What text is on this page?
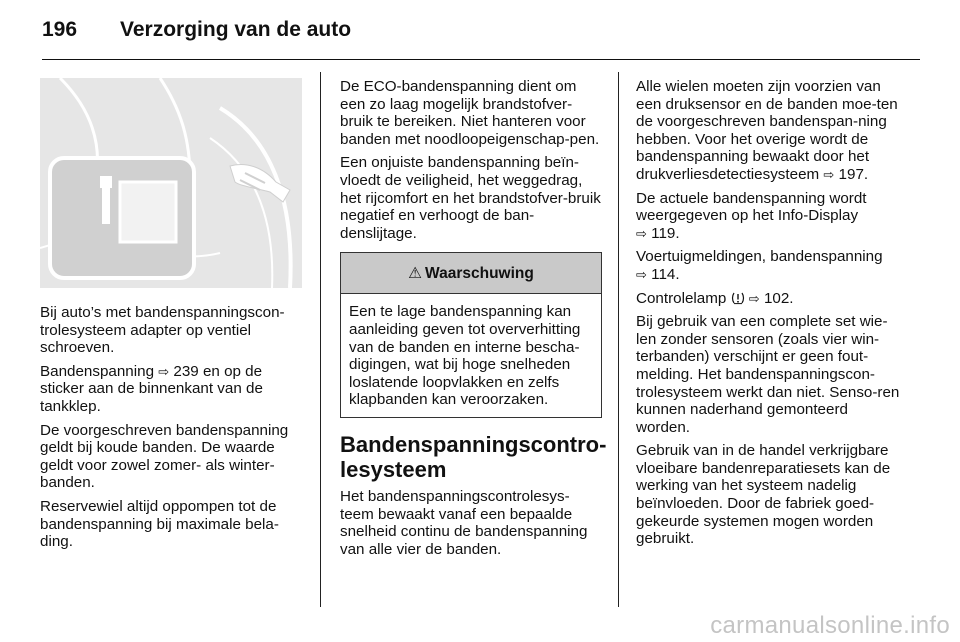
196 Verzorging van de auto

Bij auto’s met bandenspanningscon-trolesysteem adapter op ventiel schroeven.

Bandenspanning ⇨ 239 en op de sticker aan de binnenkant van de tankklep.

De voorgeschreven bandenspanning geldt bij koude banden. De waarde geldt voor zowel zomer- als winter-banden.

Reservewiel altijd oppompen tot de bandenspanning bij maximale bela-ding.

De ECO-bandenspanning dient om een zo laag mogelijk brandstofver-bruik te bereiken. Niet hanteren voor banden met noodloopeigenschap-pen.

Een onjuiste bandenspanning beïn-vloedt de veiligheid, het weggedrag, het rijcomfort en het brandstofver-bruik negatief en verhoogt de ban-denslijtage.

⚠ Waarschuwing
Een te lage bandenspanning kan aanleiding geven tot oververhitting van de banden en interne bescha-digingen, wat bij hoge snelheden loslatende loopvlakken en zelfs klapbanden kan veroorzaken.
Bandenspanningscontro-lesysteem

Het bandenspanningscontrolesys-teem bewaakt vanaf een bepaalde snelheid continu de bandenspanning van alle vier de banden.

Alle wielen moeten zijn voorzien van een druksensor en de banden moe-ten de voorgeschreven bandenspan-ning hebben. Voor het overige wordt de bandenspanning bewaakt door het drukverliesdetectiesysteem ⇨ 197.

De actuele bandenspanning wordt weergegeven op het Info-Display
⇨ 119.

Voertuigmeldingen, bandenspanning
⇨ 114.

Controlelamp ⇨ 102.

Bij gebruik van een complete set wie-len zonder sensoren (zoals vier win-terbanden) verschijnt er geen fout-melding. Het bandenspanningscon-trolesysteem werkt dan niet. Senso-ren kunnen naderhand gemonteerd worden.

Gebruik van in de handel verkrijgbare vloeibare bandenreparatiesets kan de werking van het systeem nadelig beïnvloeden. Door de fabriek goed-gekeurde systemen mogen worden gebruikt.

carmanualsonline.info
